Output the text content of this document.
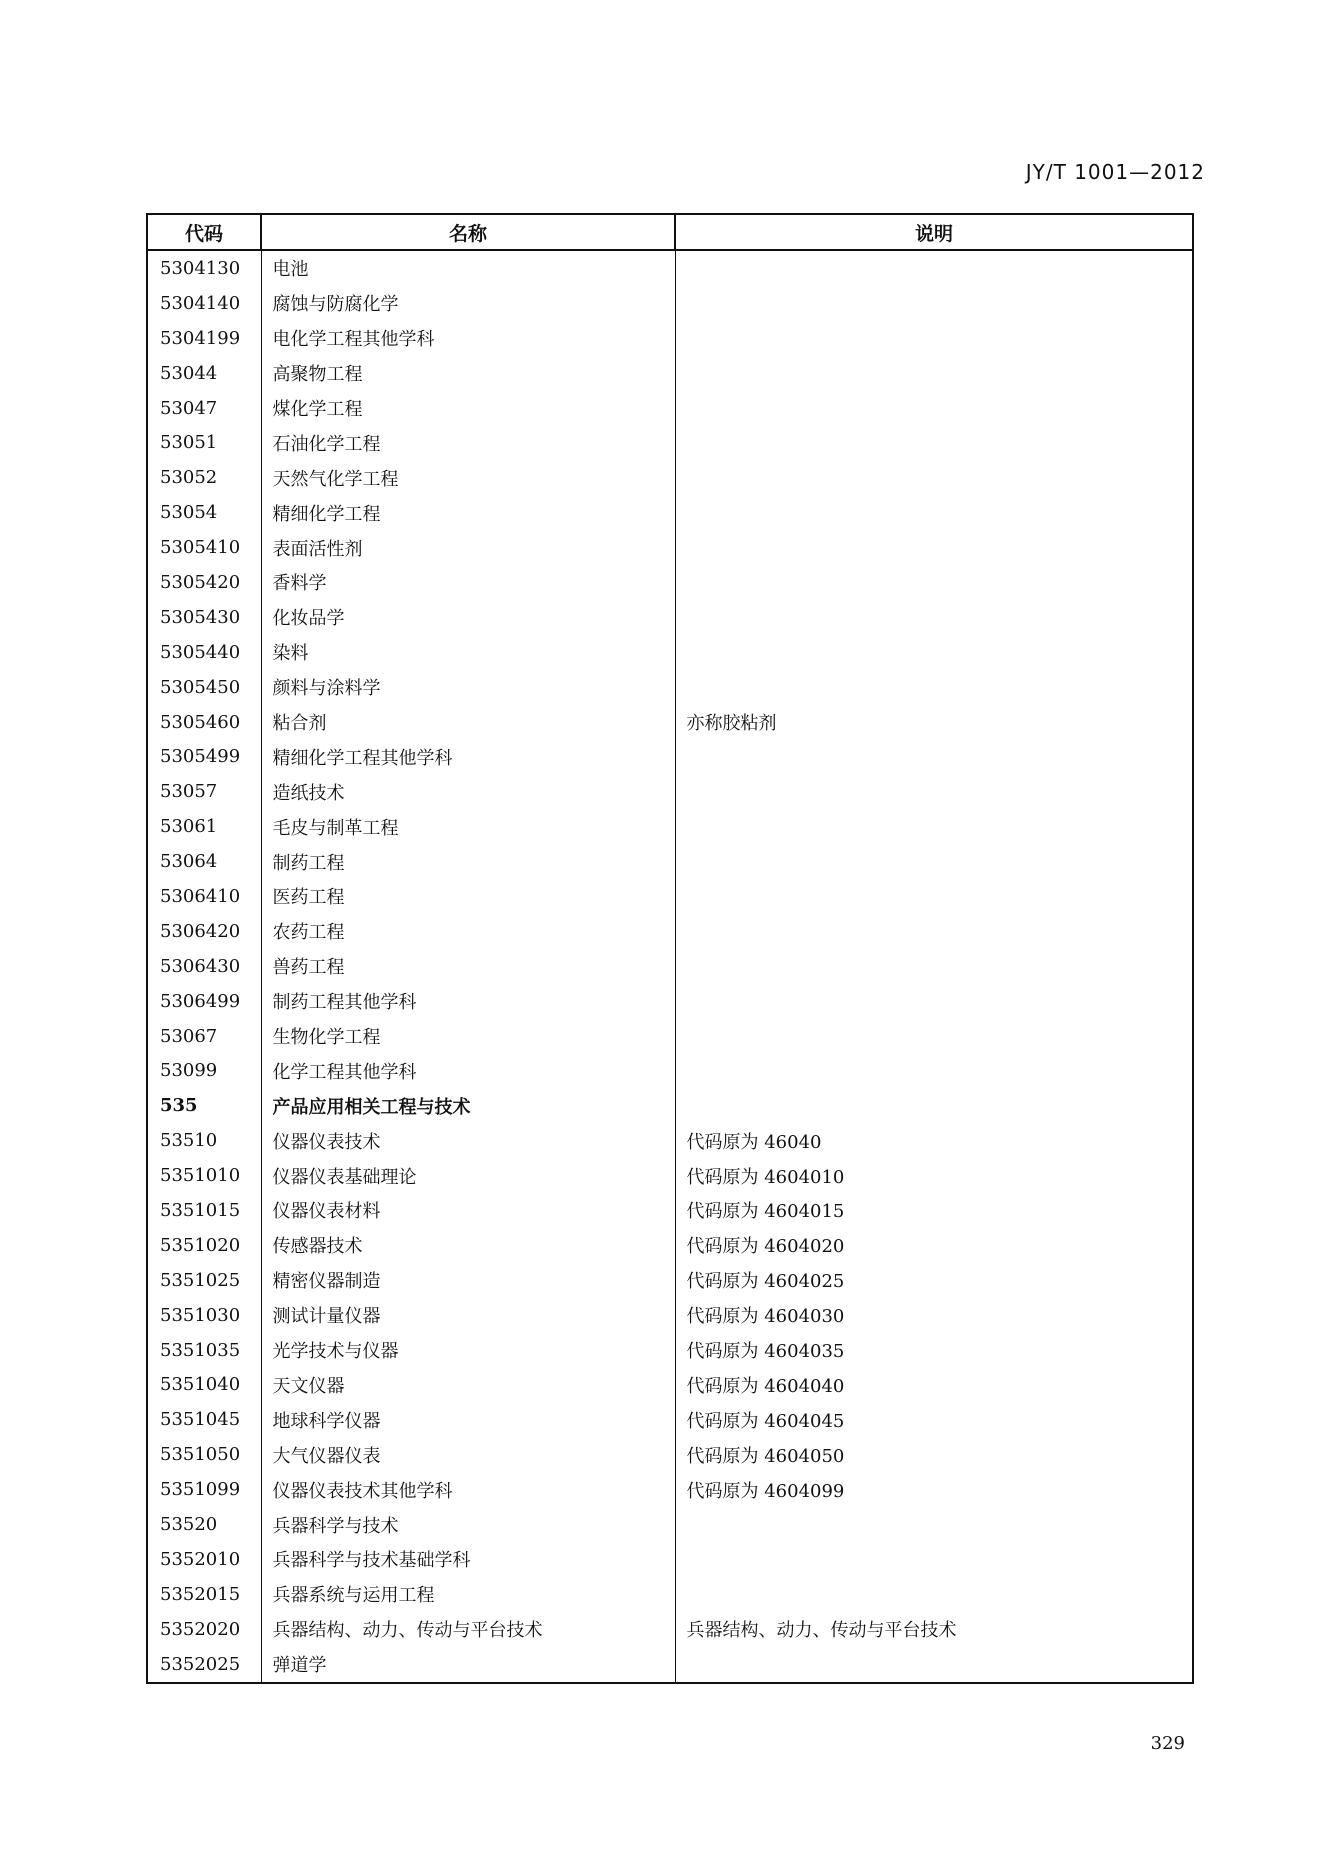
JY/T 1001—2012
代码	名称	说明
5304130	电池	
5304140	腐蚀与防腐化学	
5304199	电化学工程其他学科	
53044	高聚物工程	
53047	煤化学工程	
53051	石油化学工程	
53052	天然气化学工程	
53054	精细化学工程	
5305410	表面活性剂	
5305420	香料学	
5305430	化妆品学	
5305440	染料	
5305450	颜料与涂料学	
5305460	粘合剂	亦称胶粘剂
5305499	精细化学工程其他学科	
53057	造纸技术	
53061	毛皮与制革工程	
53064	制药工程	
5306410	医药工程	
5306420	农药工程	
5306430	兽药工程	
5306499	制药工程其他学科	
53067	生物化学工程	
53099	化学工程其他学科	
535	产品应用相关工程与技术	
53510	仪器仪表技术	代码原为 46040
5351010	仪器仪表基础理论	代码原为 4604010
5351015	仪器仪表材料	代码原为 4604015
5351020	传感器技术	代码原为 4604020
5351025	精密仪器制造	代码原为 4604025
5351030	测试计量仪器	代码原为 4604030
5351035	光学技术与仪器	代码原为 4604035
5351040	天文仪器	代码原为 4604040
5351045	地球科学仪器	代码原为 4604045
5351050	大气仪器仪表	代码原为 4604050
5351099	仪器仪表技术其他学科	代码原为 4604099
53520	兵器科学与技术	
5352010	兵器科学与技术基础学科	
5352015	兵器系统与运用工程	
5352020	兵器结构、动力、传动与平台技术	兵器结构、动力、传动与平台技术
5352025	弹道学	
329
